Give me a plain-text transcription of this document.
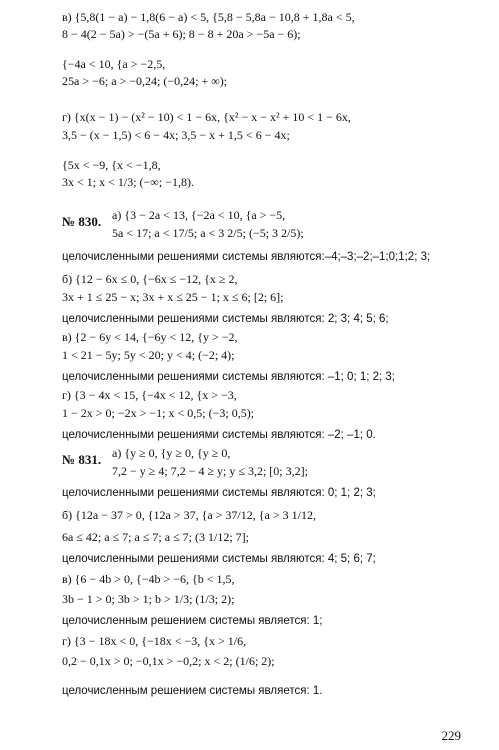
в) {5,8(1 − a) − 1,8(6 − a) < 5, {5,8 − 5,8a − 10,8 + 1,8a < 5,
8 − 4(2 − 5a) > −(5a + 6); 8 − 8 + 20a > −5a − 6);
{−4a < 10, {a > −2,5,
25a > −6; a > −0,24; (−0,24; + ∞);
г) {x(x − 1) − (x² − 10) < 1 − 6x, {x² − x − x² + 10 < 1 − 6x,
3,5 − (x − 1,5) < 6 − 4x; 3,5 − x + 1,5 < 6 − 4x;
{5x < −9, {x < −1,8,
3x < 1; x < 1/3; (−∞; −1,8).
№ 830. а) {3 − 2a < 13, {−2a < 10, {a > −5,
5a < 17; a < 17/5; a < 3 2/5; (−5; 3 2/5);
целочисленными решениями системы являются:–4;–3;–2;–1;0;1;2; 3;
б) {12 − 6x ≤ 0, {−6x ≤ −12, {x ≥ 2,
3x + 1 ≤ 25 − x; 3x + x ≤ 25 − 1; x ≤ 6; [2; 6];
целочисленными решениями системы являются: 2; 3; 4; 5; 6;
в) {2 − 6y < 14, {−6y < 12, {y > −2,
1 < 21 − 5y; 5y < 20; y < 4; (−2; 4);
целочисленными решениями системы являются: –1; 0; 1; 2; 3;
г) {3 − 4x < 15, {−4x < 12, {x > −3,
1 − 2x > 0; −2x > −1; x < 0,5; (−3; 0,5);
целочисленными решениями системы являются: –2; –1; 0.
№ 831. а) {y ≥ 0, {y ≥ 0, {y ≥ 0,
7,2 − y ≥ 4; 7,2 − 4 ≥ y; y ≤ 3,2; [0; 3,2];
целочисленными решениями системы являются: 0; 1; 2; 3;
б) {12a − 37 > 0, {12a > 37, {a > 37/12, {a > 3 1/12,
6a ≤ 42; a ≤ 7; a ≤ 7; a ≤ 7; (3 1/12; 7];
целочисленными решениями системы являются: 4; 5; 6; 7;
в) {6 − 4b > 0, {−4b > −6, {b < 1,5,
3b − 1 > 0; 3b > 1; b > 1/3; (1/3; 2);
целочисленным решением системы является: 1;
г) {3 − 18x < 0, {−18x < −3, {x > 1/6,
0,2 − 0,1x > 0; −0,1x > −0,2; x < 2; (1/6; 2);
целочисленным решением системы является: 1.
229
